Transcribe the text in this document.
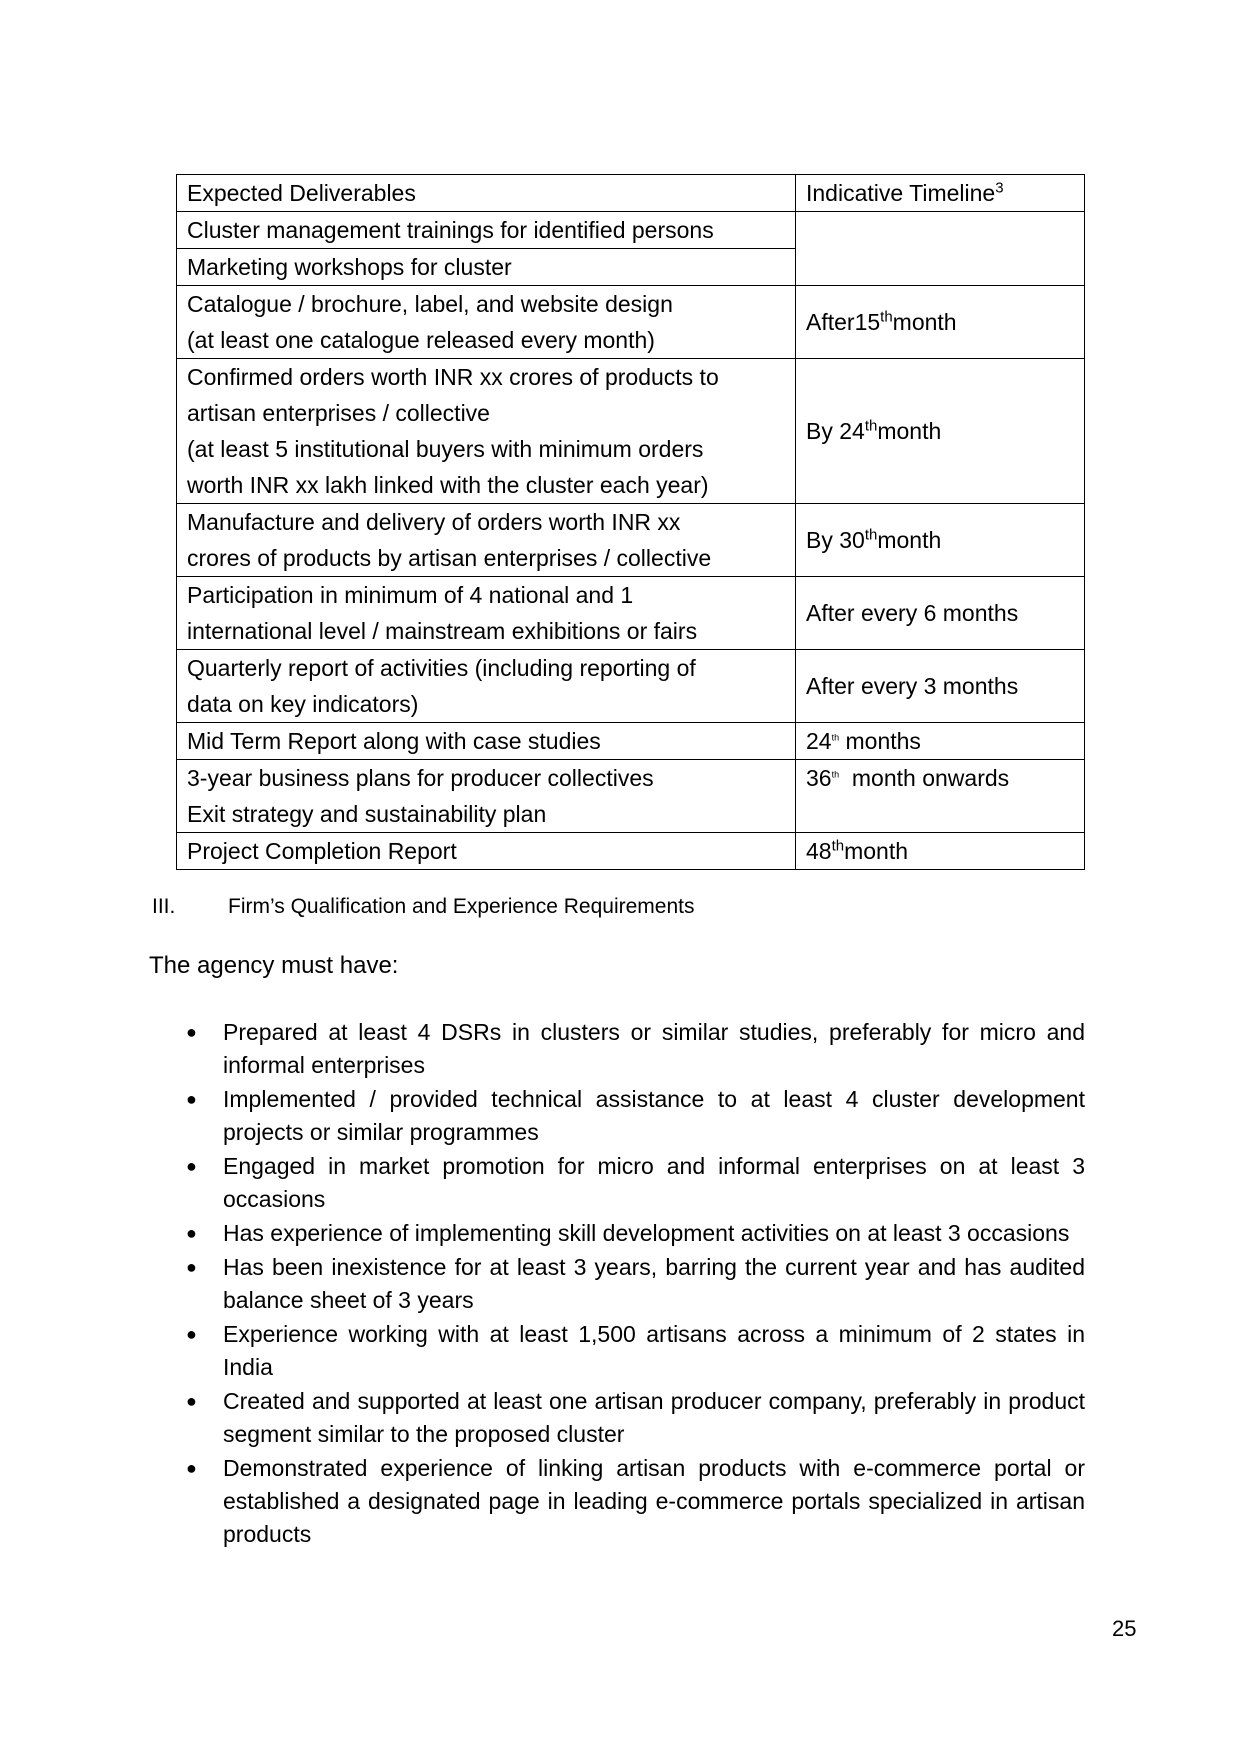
Expected Deliverables	Indicative Timeline$^3$

Cluster management trainings for identified persons	

Marketing workshops for cluster	

Catalogue / brochure, label, and website design
(at least one catalogue released every month)	After15thmonth

Confirmed orders worth INR xx crores of products to
artisan enterprises / collective
(at least 5 institutional buyers with minimum orders
worth INR xx lakh linked with the cluster each year)	By 24thmonth

Manufacture and delivery of orders worth INR xx
crores of products by artisan enterprises / collective	By 30thmonth

Participation in minimum of 4 national and 1
international level / mainstream exhibitions or fairs	After every 6 months

Quarterly report of activities (including reporting of
data on key indicators)	After every 3 months

Mid Term Report along with case studies	24th months

3-year business plans for producer collectives
Exit strategy and sustainability plan	36th  month onwards

Project Completion Report	48thmonth
III.	Firm’s Qualification and Experience Requirements

The agency must have:

● Prepared at least 4 DSRs in clusters or similar studies, preferably for micro and informal enterprises
● Implemented / provided technical assistance to at least 4 cluster development projects or similar programmes
● Engaged in market promotion for micro and informal enterprises on at least 3 occasions
● Has experience of implementing skill development activities on at least 3 occasions
● Has been inexistence for at least 3 years, barring the current year and has audited balance sheet of 3 years
● Experience working with at least 1,500 artisans across a minimum of 2 states in India
● Created and supported at least one artisan producer company, preferably in product segment similar to the proposed cluster
● Demonstrated experience of linking artisan products with e-commerce portal or established a designated page in leading e-commerce portals specialized in artisan products
25
